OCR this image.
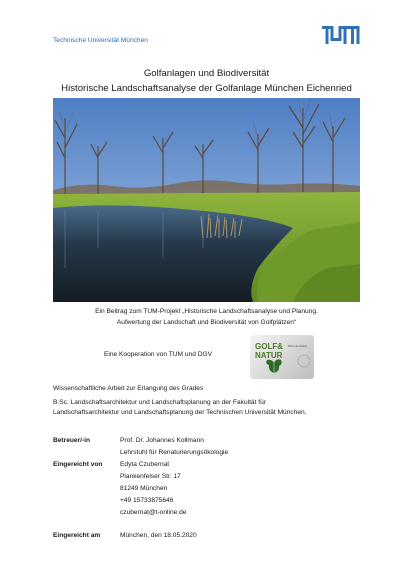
Technische Universität München
Golfanlagen und Biodiversität
Historische Landschaftsanalyse der Golfanlage München Eichenried
Ein Beitrag zum TUM-Projekt „Historische Landschaftsanalyse und Planung.
Aufwertung der Landschaft und Biodiversität von Golfplätzen“
Eine Kooperation von TUM und DGV
GOLF&
NATUR
DGV-Zertifikat
Wissenschaftliche Arbeit zur Erlangung des Grades
B.Sc. Landschaftsarchitektur und Landschaftsplanung an der Fakultät für
Landschaftsarchitektur und Landschaftsplanung der Technischen Universität München.
Betreuer/-in	Prof. Dr. Johannes Kollmann
Lehrstuhl für Renaturierungsökologie
Eingereicht von	Edyta Czubernat
Plankenfelser Str. 17
81249 München
+49 15733875646
czubernat@t-online.de
Eingereicht am	München, den 18.05.2020
